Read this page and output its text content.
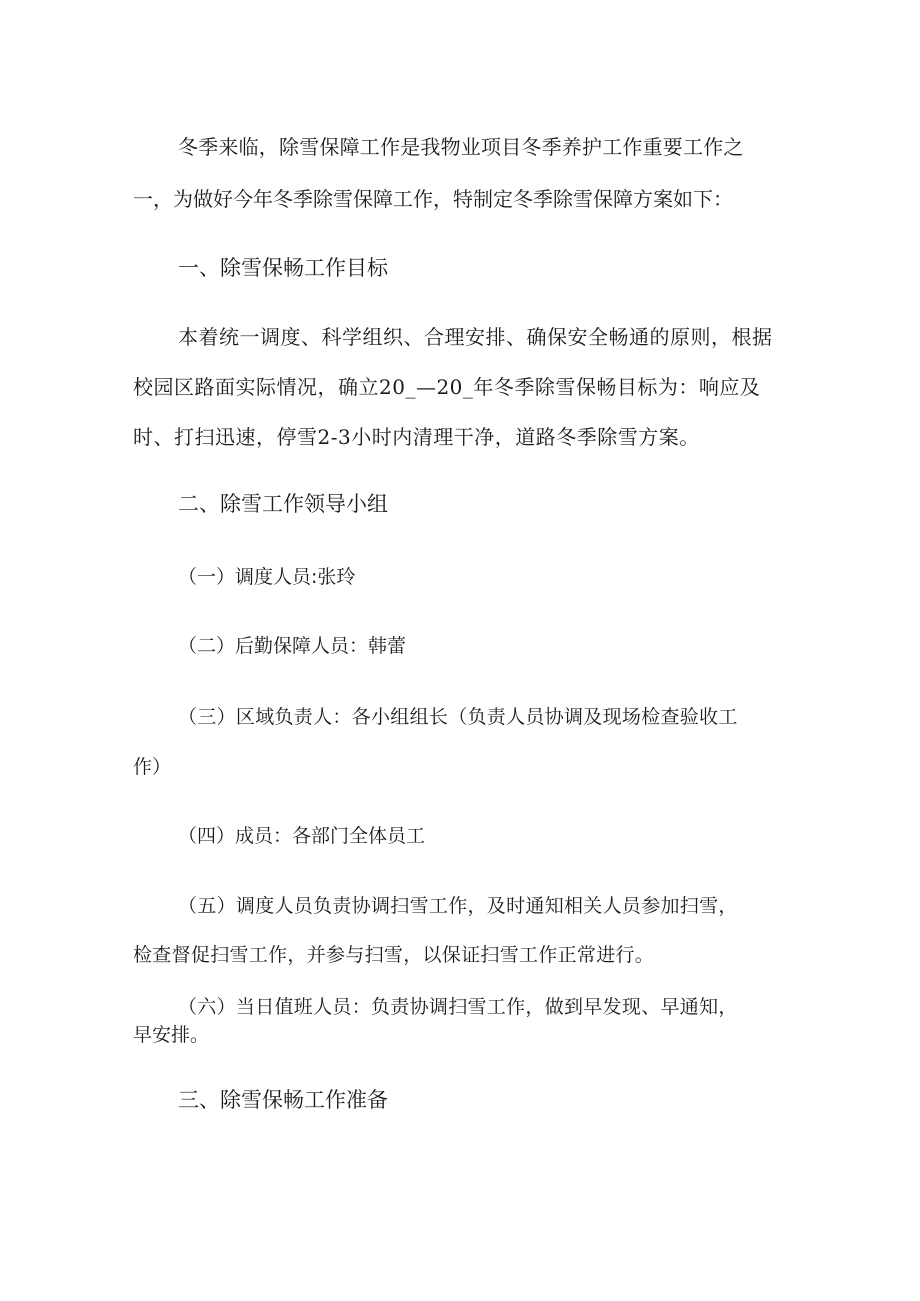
冬季来临，除雪保障工作是我物业项目冬季养护工作重要工作之
一，为做好今年冬季除雪保障工作，特制定冬季除雪保障方案如下：
一、除雪保畅工作目标
本着统一调度、科学组织、合理安排、确保安全畅通的原则，根据
校园区路面实际情况，确立20_—20_年冬季除雪保畅目标为：响应及
时、打扫迅速，停雪2-3小时内清理干净，道路冬季除雪方案。
二、除雪工作领导小组
（一）调度人员:张玲
（二）后勤保障人员：韩蕾
（三）区域负责人：各小组组长（负责人员协调及现场检查验收工
作）
（四）成员：各部门全体员工
（五）调度人员负责协调扫雪工作，及时通知相关人员参加扫雪，
检查督促扫雪工作，并参与扫雪，以保证扫雪工作正常进行。
（六）当日值班人员：负责协调扫雪工作，做到早发现、早通知，
早安排。
三、除雪保畅工作准备
